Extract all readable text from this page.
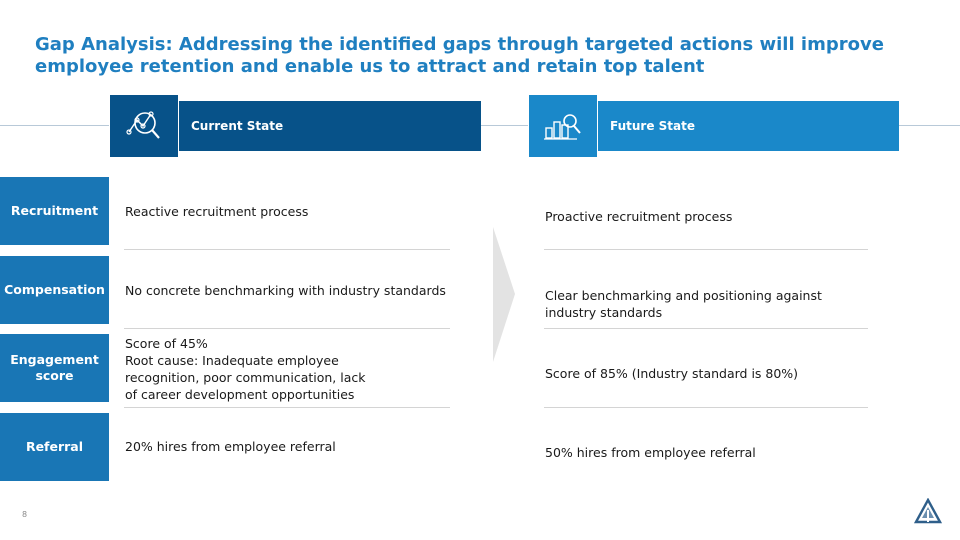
Gap Analysis: Addressing the identified gaps through targeted actions will improve employee retention and enable us to attract and retain top talent
Current State	Future State
Recruitment
Compensation
Engagement score
Referral
Reactive recruitment process
No concrete benchmarking with industry standards
Score of 45%
Root cause: Inadequate employee recognition, poor communication, lack of career development opportunities
20% hires from employee referral
Proactive recruitment process
Clear benchmarking and positioning against industry standards
Score of 85% (Industry standard is 80%)
50% hires from employee referral
8
